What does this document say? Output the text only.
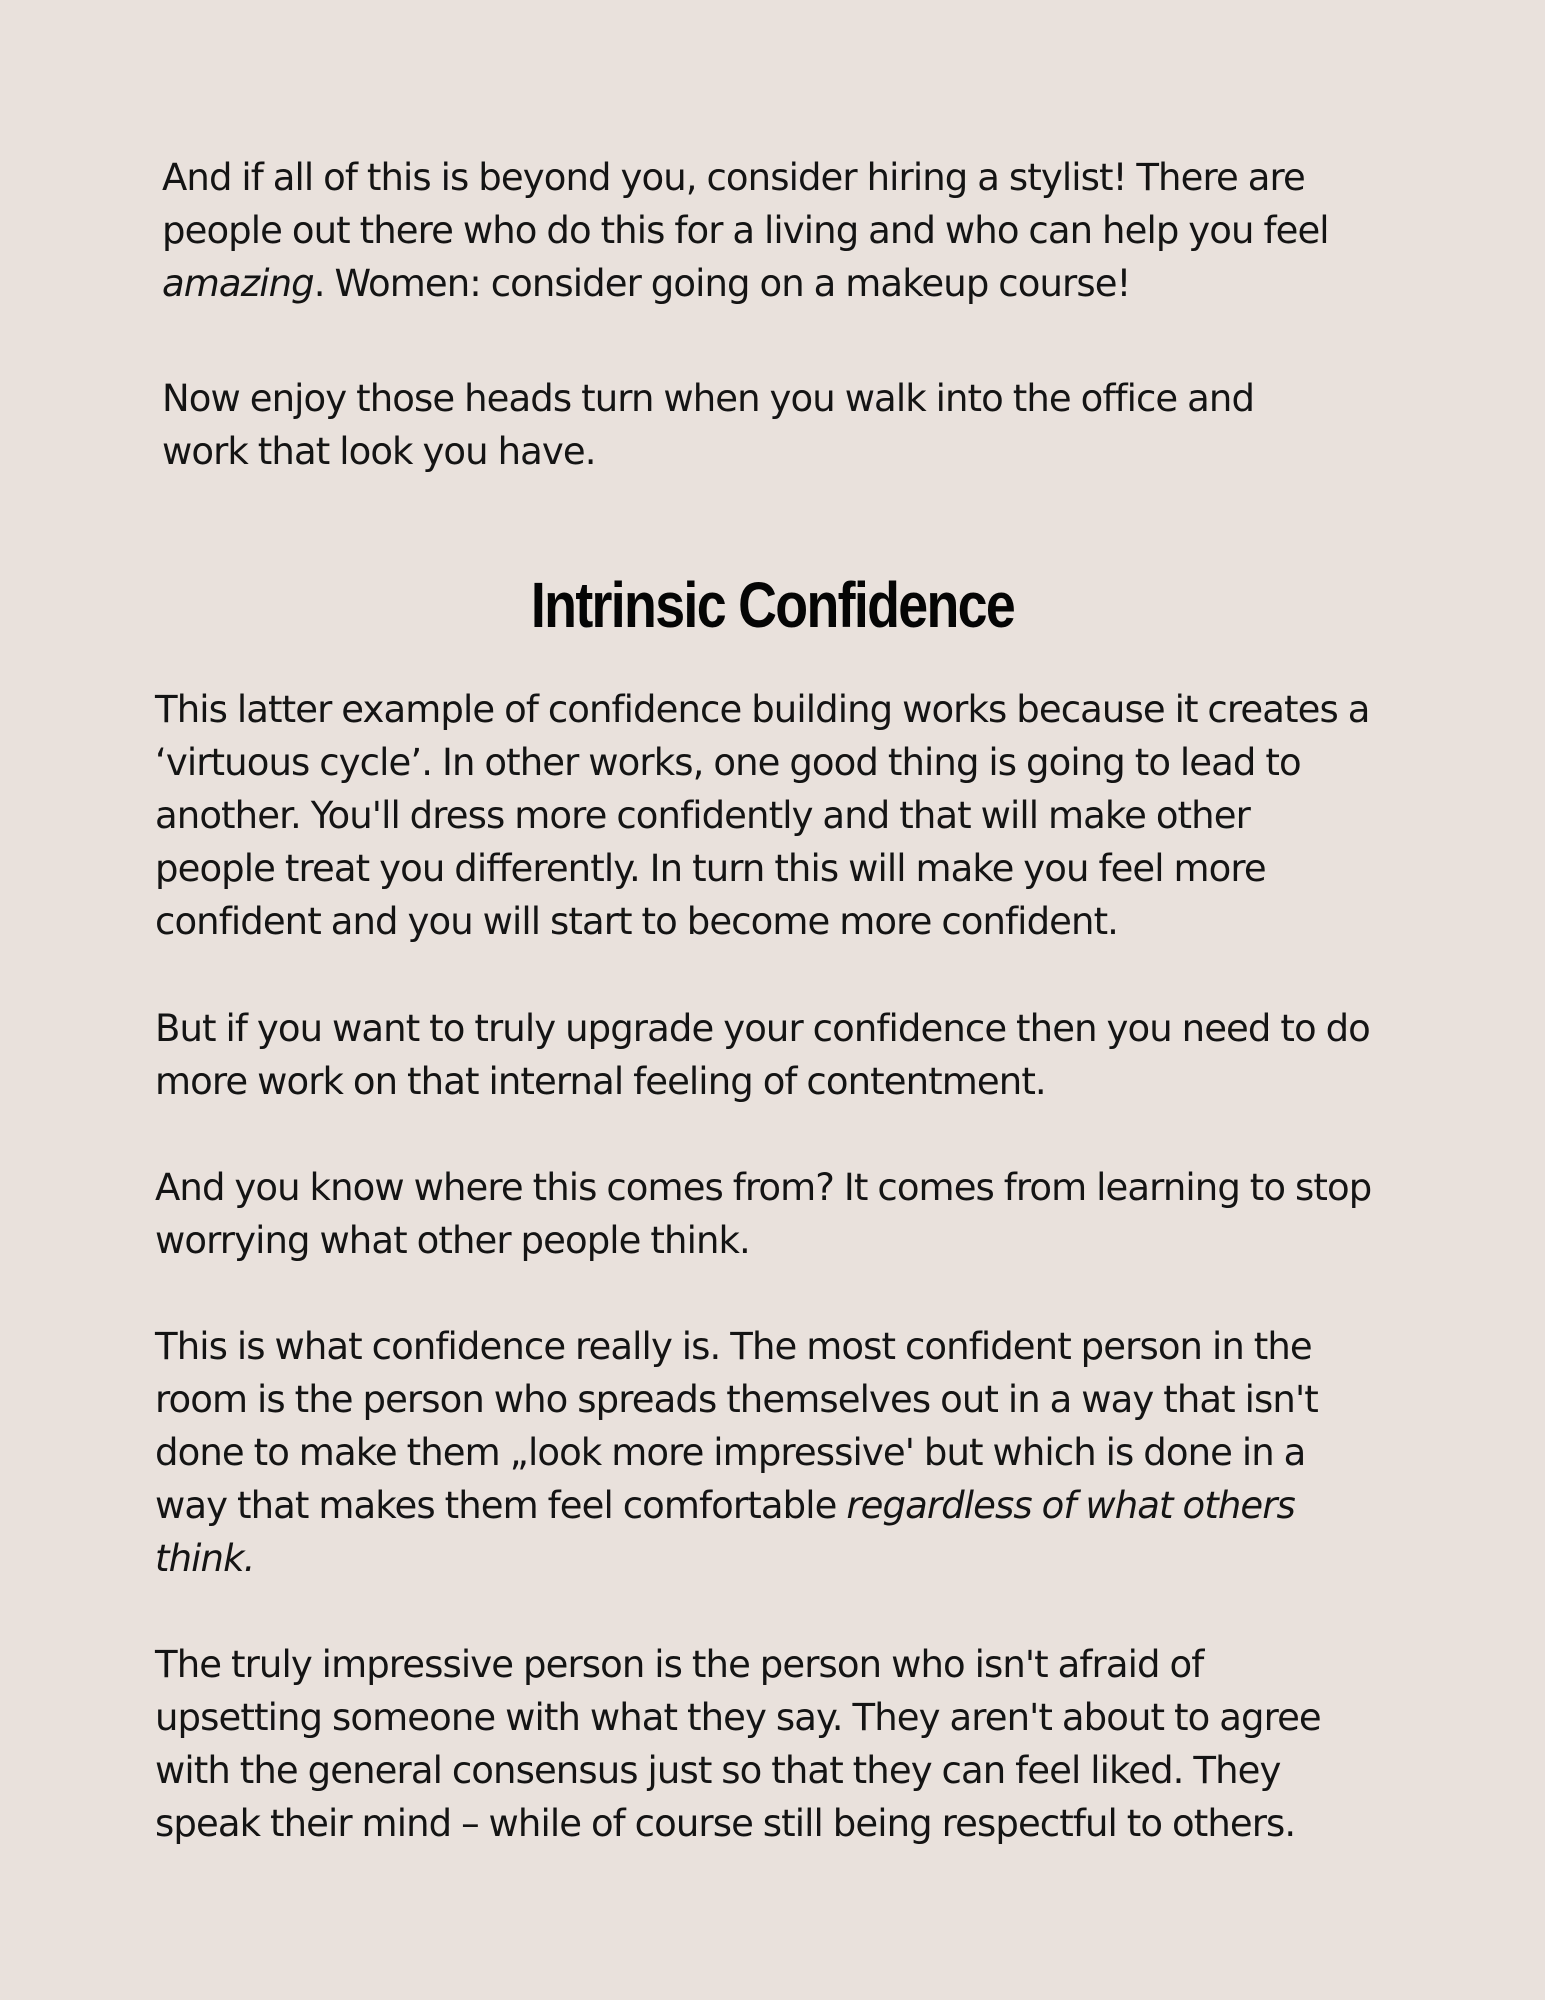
And if all of this is beyond you, consider hiring a stylist! There are
people out there who do this for a living and who can help you feel
amazing. Women: consider going on a makeup course!

Now enjoy those heads turn when you walk into the office and
work that look you have.

Intrinsic Confidence

This latter example of confidence building works because it creates a
‘virtuous cycle’. In other works, one good thing is going to lead to
another. You'll dress more confidently and that will make other
people treat you differently. In turn this will make you feel more
confident and you will start to become more confident.

But if you want to truly upgrade your confidence then you need to do
more work on that internal feeling of contentment.

And you know where this comes from? It comes from learning to stop
worrying what other people think.

This is what confidence really is. The most confident person in the
room is the person who spreads themselves out in a way that isn't
done to make them „look more impressive' but which is done in a
way that makes them feel comfortable regardless of what others
think.

The truly impressive person is the person who isn't afraid of
upsetting someone with what they say. They aren't about to agree
with the general consensus just so that they can feel liked. They
speak their mind – while of course still being respectful to others.
